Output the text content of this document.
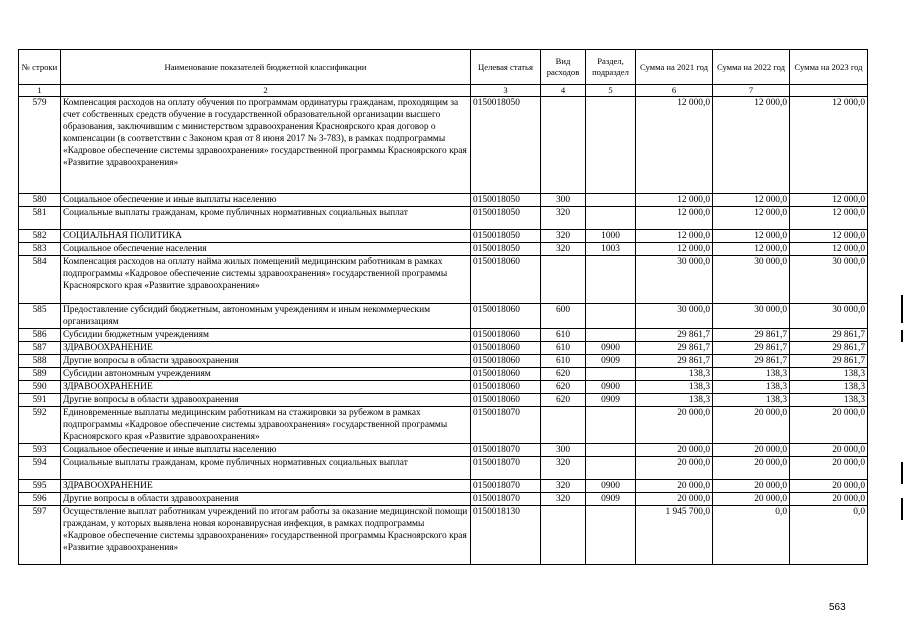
№ строки	Наименование показателей бюджетной классификации	Целевая статья	Вид расходов	Раздел, подраздел	Сумма на 2021 год	Сумма на 2022 год	Сумма на 2023 год
1	2	3	4	5	6	7	
579	Компенсация расходов на оплату обучения по программам ординатуры гражданам, проходящим за счет собственных средств обучение в государственной образовательной организации высшего образования, заключившим с министерством здравоохранения Красноярского края договор о компенсации (в соответствии с Законом края от 8 июня 2017 № 3-783), в рамках подпрограммы «Кадровое обеспечение системы здравоохранения» государственной программы Красноярского края «Развитие здравоохранения»	0150018050			12 000,0	12 000,0	12 000,0
580	Социальное обеспечение и иные выплаты населению	0150018050	300		12 000,0	12 000,0	12 000,0
581	Социальные выплаты гражданам, кроме публичных нормативных социальных выплат	0150018050	320		12 000,0	12 000,0	12 000,0
582	СОЦИАЛЬНАЯ ПОЛИТИКА	0150018050	320	1000	12 000,0	12 000,0	12 000,0
583	Социальное обеспечение населения	0150018050	320	1003	12 000,0	12 000,0	12 000,0
584	Компенсация расходов на оплату найма жилых помещений медицинским работникам в рамках подпрограммы «Кадровое обеспечение системы здравоохранения» государственной программы Красноярского края «Развитие здравоохранения»	0150018060			30 000,0	30 000,0	30 000,0
585	Предоставление субсидий бюджетным, автономным учреждениям и иным некоммерческим организациям	0150018060	600		30 000,0	30 000,0	30 000,0
586	Субсидии бюджетным учреждениям	0150018060	610		29 861,7	29 861,7	29 861,7
587	ЗДРАВООХРАНЕНИЕ	0150018060	610	0900	29 861,7	29 861,7	29 861,7
588	Другие вопросы в области здравоохранения	0150018060	610	0909	29 861,7	29 861,7	29 861,7
589	Субсидии автономным учреждениям	0150018060	620		138,3	138,3	138,3
590	ЗДРАВООХРАНЕНИЕ	0150018060	620	0900	138,3	138,3	138,3
591	Другие вопросы в области здравоохранения	0150018060	620	0909	138,3	138,3	138,3
592	Единовременные выплаты медицинским работникам на стажировки за рубежом в рамках подпрограммы «Кадровое обеспечение системы здравоохранения» государственной программы Красноярского края «Развитие здравоохранения»	0150018070			20 000,0	20 000,0	20 000,0
593	Социальное обеспечение и иные выплаты населению	0150018070	300		20 000,0	20 000,0	20 000,0
594	Социальные выплаты гражданам, кроме публичных нормативных социальных выплат	0150018070	320		20 000,0	20 000,0	20 000,0
595	ЗДРАВООХРАНЕНИЕ	0150018070	320	0900	20 000,0	20 000,0	20 000,0
596	Другие вопросы в области здравоохранения	0150018070	320	0909	20 000,0	20 000,0	20 000,0
597	Осуществление выплат работникам учреждений по итогам работы за оказание медицинской помощи гражданам, у которых выявлена новая коронавирусная инфекция, в рамках подпрограммы «Кадровое обеспечение системы здравоохранения» государственной программы Красноярского края «Развитие здравоохранения»	0150018130			1 945 700,0	0,0	0,0
563
